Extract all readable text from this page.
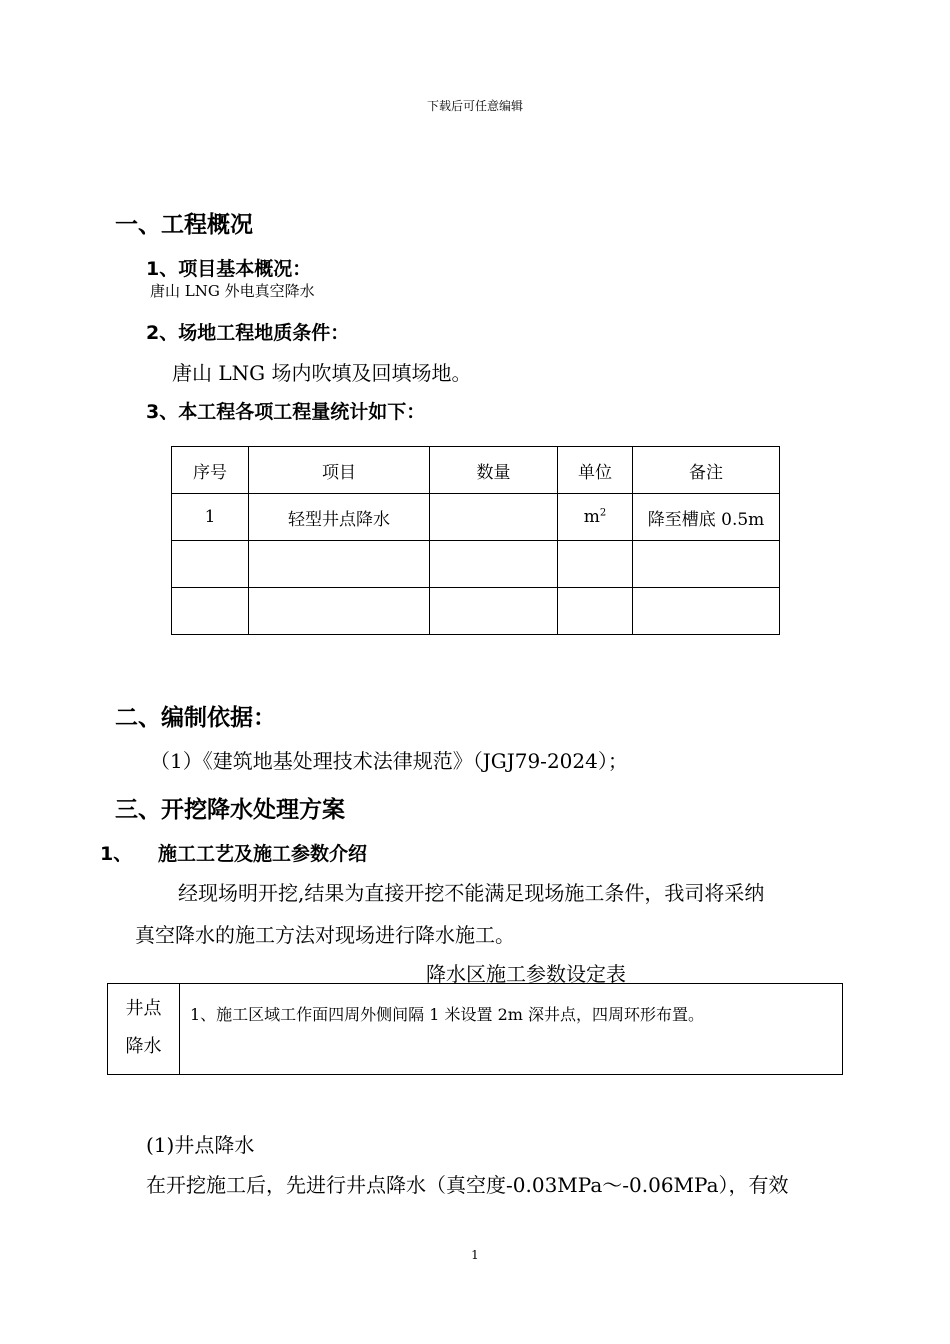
下载后可任意编辑
一、工程概况
1、项目基本概况：
唐山 LNG 外电真空降水
2、场地工程地质条件：
唐山 LNG 场内吹填及回填场地。
3、本工程各项工程量统计如下：
序号	项目	数量	单位	备注
1	轻型井点降水		$m^2$	降至槽底 0.5m

二、编制依据：
（1）《建筑地基处理技术法律规范》（JGJ79-2024）；
三、开挖降水处理方案
1、 施工工艺及施工参数介绍
经现场明开挖,结果为直接开挖不能满足现场施工条件，我司将采纳
真空降水的施工方法对现场进行降水施工。
降水区施工参数设定表
井点
降水
	1、施工区域工作面四周外侧间隔 1 米设置 2m 深井点，四周环形布置。
(1)井点降水
在开挖施工后，先进行井点降水（真空度-0.03MPa～-0.06MPa），有效
1
